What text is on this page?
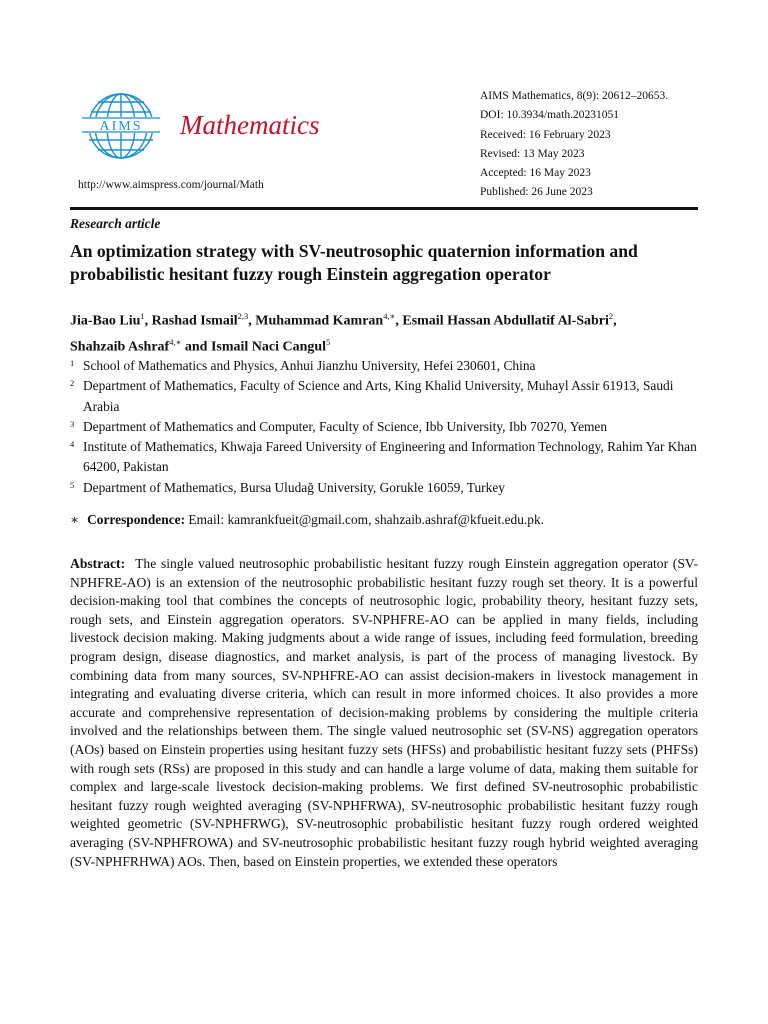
AIMS Mathematics
http://www.aimspress.com/journal/Math
AIMS Mathematics, 8(9): 20612–20653.
DOI: 10.3934/math.20231051
Received: 16 February 2023
Revised: 13 May 2023
Accepted: 16 May 2023
Published: 26 June 2023
Research article
An optimization strategy with SV-neutrosophic quaternion information and probabilistic hesitant fuzzy rough Einstein aggregation operator
Jia-Bao Liu$^1$, Rashad Ismail$^{2,3}$, Muhammad Kamran$^{4,∗}$, Esmail Hassan Abdullatif Al-Sabri$^2$,
Shahzaib Ashraf$^{4,∗}$ and Ismail Naci Cangul$^5$
1 School of Mathematics and Physics, Anhui Jianzhu University, Hefei 230601, China
2 Department of Mathematics, Faculty of Science and Arts, King Khalid University, Muhayl Assir 61913, Saudi Arabia
3 Department of Mathematics and Computer, Faculty of Science, Ibb University, Ibb 70270, Yemen
4 Institute of Mathematics, Khwaja Fareed University of Engineering and Information Technology, Rahim Yar Khan 64200, Pakistan
5 Department of Mathematics, Bursa Uludağ University, Gorukle 16059, Turkey
∗ Correspondence: Email: kamrankfueit@gmail.com, shahzaib.ashraf@kfueit.edu.pk.
Abstract: The single valued neutrosophic probabilistic hesitant fuzzy rough Einstein aggregation operator (SV-NPHFRE-AO) is an extension of the neutrosophic probabilistic hesitant fuzzy rough set theory. It is a powerful decision-making tool that combines the concepts of neutrosophic logic, probability theory, hesitant fuzzy sets, rough sets, and Einstein aggregation operators. SV-NPHFRE-AO can be applied in many fields, including livestock decision making. Making judgments about a wide range of issues, including feed formulation, breeding program design, disease diagnostics, and market analysis, is part of the process of managing livestock. By combining data from many sources, SV-NPHFRE-AO can assist decision-makers in livestock management in integrating and evaluating diverse criteria, which can result in more informed choices. It also provides a more accurate and comprehensive representation of decision-making problems by considering the multiple criteria involved and the relationships between them. The single valued neutrosophic set (SV-NS) aggregation operators (AOs) based on Einstein properties using hesitant fuzzy sets (HFSs) and probabilistic hesitant fuzzy sets (PHFSs) with rough sets (RSs) are proposed in this study and can handle a large volume of data, making them suitable for complex and large-scale livestock decision-making problems. We first defined SV-neutrosophic probabilistic hesitant fuzzy rough weighted averaging (SV-NPHFRWA), SV-neutrosophic probabilistic hesitant fuzzy rough weighted geometric (SV-NPHFRWG), SV-neutrosophic probabilistic hesitant fuzzy rough ordered weighted averaging (SV-NPHFROWA) and SV-neutrosophic probabilistic hesitant fuzzy rough hybrid weighted averaging (SV-NPHFRHWA) AOs. Then, based on Einstein properties, we extended these operators
